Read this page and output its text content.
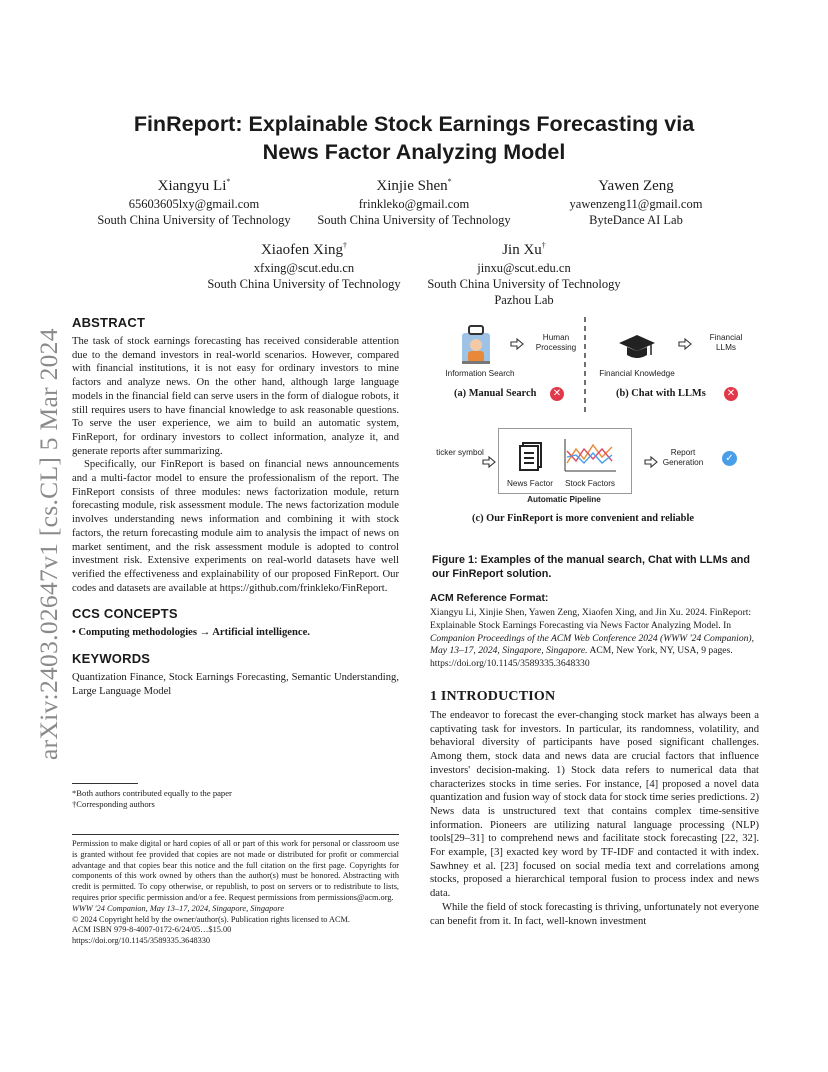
arXiv:2403.02647v1 [cs.CL] 5 Mar 2024
FinReport: Explainable Stock Earnings Forecasting via
News Factor Analyzing Model
Xiangyu Li*
65603605lxy@gmail.com
South China University of Technology
Xinjie Shen*
frinkleko@gmail.com
South China University of Technology
Yawen Zeng
yawenzeng11@gmail.com
ByteDance AI Lab
Xiaofen Xing†
xfxing@scut.edu.cn
South China University of Technology
Jin Xu†
jinxu@scut.edu.cn
South China University of Technology
Pazhou Lab
ABSTRACT

The task of stock earnings forecasting has received considerable attention due to the demand investors in real-world scenarios. However, compared with financial institutions, it is not easy for ordinary investors to mine factors and analyze news. On the other hand, although large language models in the financial field can serve users in the form of dialogue robots, it still requires users to have financial knowledge to ask reasonable questions. To serve the user experience, we aim to build an automatic system, FinReport, for ordinary investors to collect information, analyze it, and generate reports after summarizing.

Specifically, our FinReport is based on financial news announcements and a multi-factor model to ensure the professionalism of the report. The FinReport consists of three modules: news factorization module, return forecasting module, risk assessment module. The news factorization module involves understanding news information and combining it with stock factors, the return forecasting module aim to analysis the impact of news on market sentiment, and the risk assessment module is adopted to control investment risk. Extensive experiments on real-world datasets have well verified the effectiveness and explainability of our proposed FinReport. Our codes and datasets are available at https://github.com/frinkleko/FinReport.

CCS CONCEPTS

• Computing methodologies → Artificial intelligence.

KEYWORDS

Quantization Finance, Stock Earnings Forecasting, Semantic Understanding, Large Language Model

*Both authors contributed equally to the paper
†Corresponding authors
Permission to make digital or hard copies of all or part of this work for personal or classroom use is granted without fee provided that copies are not made or distributed for profit or commercial advantage and that copies bear this notice and the full citation on the first page. Copyrights for components of this work owned by others than the author(s) must be honored. Abstracting with credit is permitted. To copy otherwise, or republish, to post on servers or to redistribute to lists, requires prior specific permission and/or a fee. Request permissions from permissions@acm.org.
WWW '24 Companion, May 13–17, 2024, Singapore, Singapore
© 2024 Copyright held by the owner/author(s). Publication rights licensed to ACM.
ACM ISBN 979-8-4007-0172-6/24/05…$15.00
https://doi.org/10.1145/3589335.3648330
Information Search
Human Processing
(a) Manual Search ✕
Financial Knowledge
Financial LLMs
(b) Chat with LLMs ✕
ticker symbol
News Factor	Stock Factors
Automatic Pipeline
Report Generation	✓
(c) Our FinReport is more convenient and reliable
Figure 1: Examples of the manual search, Chat with LLMs and our FinReport solution.
ACM Reference Format:

Xiangyu Li, Xinjie Shen, Yawen Zeng, Xiaofen Xing, and Jin Xu. 2024. FinReport: Explainable Stock Earnings Forecasting via News Factor Analyzing Model. In Companion Proceedings of the ACM Web Conference 2024 (WWW '24 Companion), May 13–17, 2024, Singapore, Singapore. ACM, New York, NY, USA, 9 pages. https://doi.org/10.1145/3589335.3648330

1 INTRODUCTION

The endeavor to forecast the ever-changing stock market has always been a captivating task for investors. In particular, its randomness, volatility, and behavioral diversity of participants have posed significant challenges. Among them, stock data and news data are crucial factors that influence investors' decision-making. 1) Stock data refers to numerical data that characterizes stocks in time series. For instance, [4] proposed a novel data quantization and fusion way of stock data for stock time series predictions. 2) News data is unstructured text that contains complex time-sensitive information. Pioneers are utilizing natural language processing (NLP) tools[29–31] to comprehend news and facilitate stock forecasting [22, 32]. For example, [3] exacted key word by TF-IDF and contacted it with index. Sawhney et al. [23] focused on social media text and correlations among stocks, proposed a hierarchical temporal fusion to process index and news data.

While the field of stock forecasting is thriving, unfortunately not everyone can benefit from it. In fact, well-known investment
